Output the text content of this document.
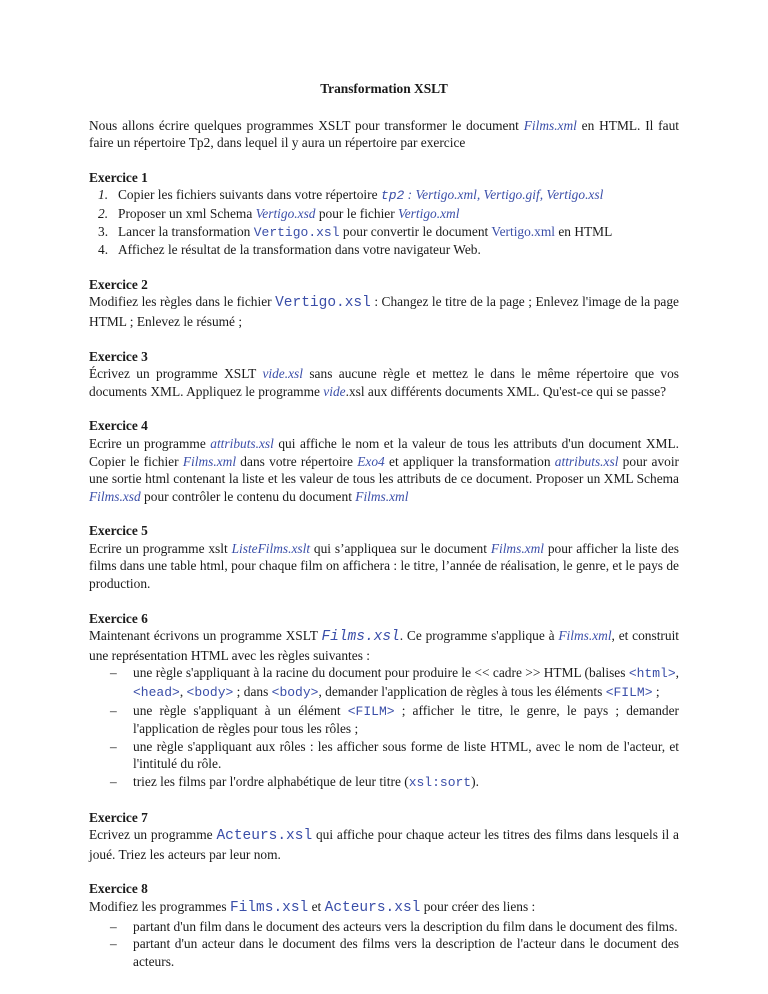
Transformation XSLT

Nous allons écrire quelques programmes XSLT pour transformer le document Films.xml en HTML. Il faut faire un répertoire Tp2, dans lequel il y aura un répertoire par exercice

Exercice 1

1. Copier les fichiers suivants dans votre répertoire tp2 : Vertigo.xml, Vertigo.gif, Vertigo.xsl
2. Proposer un xml Schema Vertigo.xsd pour le fichier Vertigo.xml
3. Lancer la transformation Vertigo.xsl pour convertir le document Vertigo.xml en HTML
4. Affichez le résultat de la transformation dans votre navigateur Web.

Exercice 2

Modifiez les règles dans le fichier Vertigo.xsl : Changez le titre de la page ; Enlevez l'image de la page HTML ; Enlevez le résumé ;

Exercice 3

Écrivez un programme XSLT vide.xsl sans aucune règle et mettez le dans le même répertoire que vos documents XML. Appliquez le programme vide.xsl aux différents documents XML. Qu'est-ce qui se passe?

Exercice 4

Ecrire un programme attributs.xsl qui affiche le nom et la valeur de tous les attributs d'un document XML. Copier le fichier Films.xml dans votre répertoire Exo4 et appliquer la transformation attributs.xsl pour avoir une sortie html contenant la liste et les valeur de tous les attributs de ce document. Proposer un XML Schema Films.xsd pour contrôler le contenu du document Films.xml

Exercice 5

Ecrire un programme xslt ListeFilms.xslt qui s’appliquea sur le document Films.xml pour afficher la liste des films dans une table html, pour chaque film on affichera : le titre, l’année de réalisation, le genre, et le pays de production.

Exercice 6

Maintenant écrivons un programme XSLT Films.xsl. Ce programme s'applique à Films.xml, et construit une représentation HTML avec les règles suivantes :

– une règle s'appliquant à la racine du document pour produire le << cadre >> HTML (balises <html>, <head>, <body> ; dans <body>, demander l'application de règles à tous les éléments <FILM> ;
– une règle s'appliquant à un élément <FILM> ; afficher le titre, le genre, le pays ; demander l'application de règles pour tous les rôles ;
– une règle s'appliquant aux rôles : les afficher sous forme de liste HTML, avec le nom de l'acteur, et l'intitulé du rôle.
– triez les films par l'ordre alphabétique de leur titre (xsl:sort).

Exercice 7

Ecrivez un programme Acteurs.xsl qui affiche pour chaque acteur les titres des films dans lesquels il a joué. Triez les acteurs par leur nom.

Exercice 8

Modifiez les programmes Films.xsl et Acteurs.xsl pour créer des liens :

– partant d'un film dans le document des acteurs vers la description du film dans le document des films.
– partant d'un acteur dans le document des films vers la description de l'acteur dans le document des acteurs.
